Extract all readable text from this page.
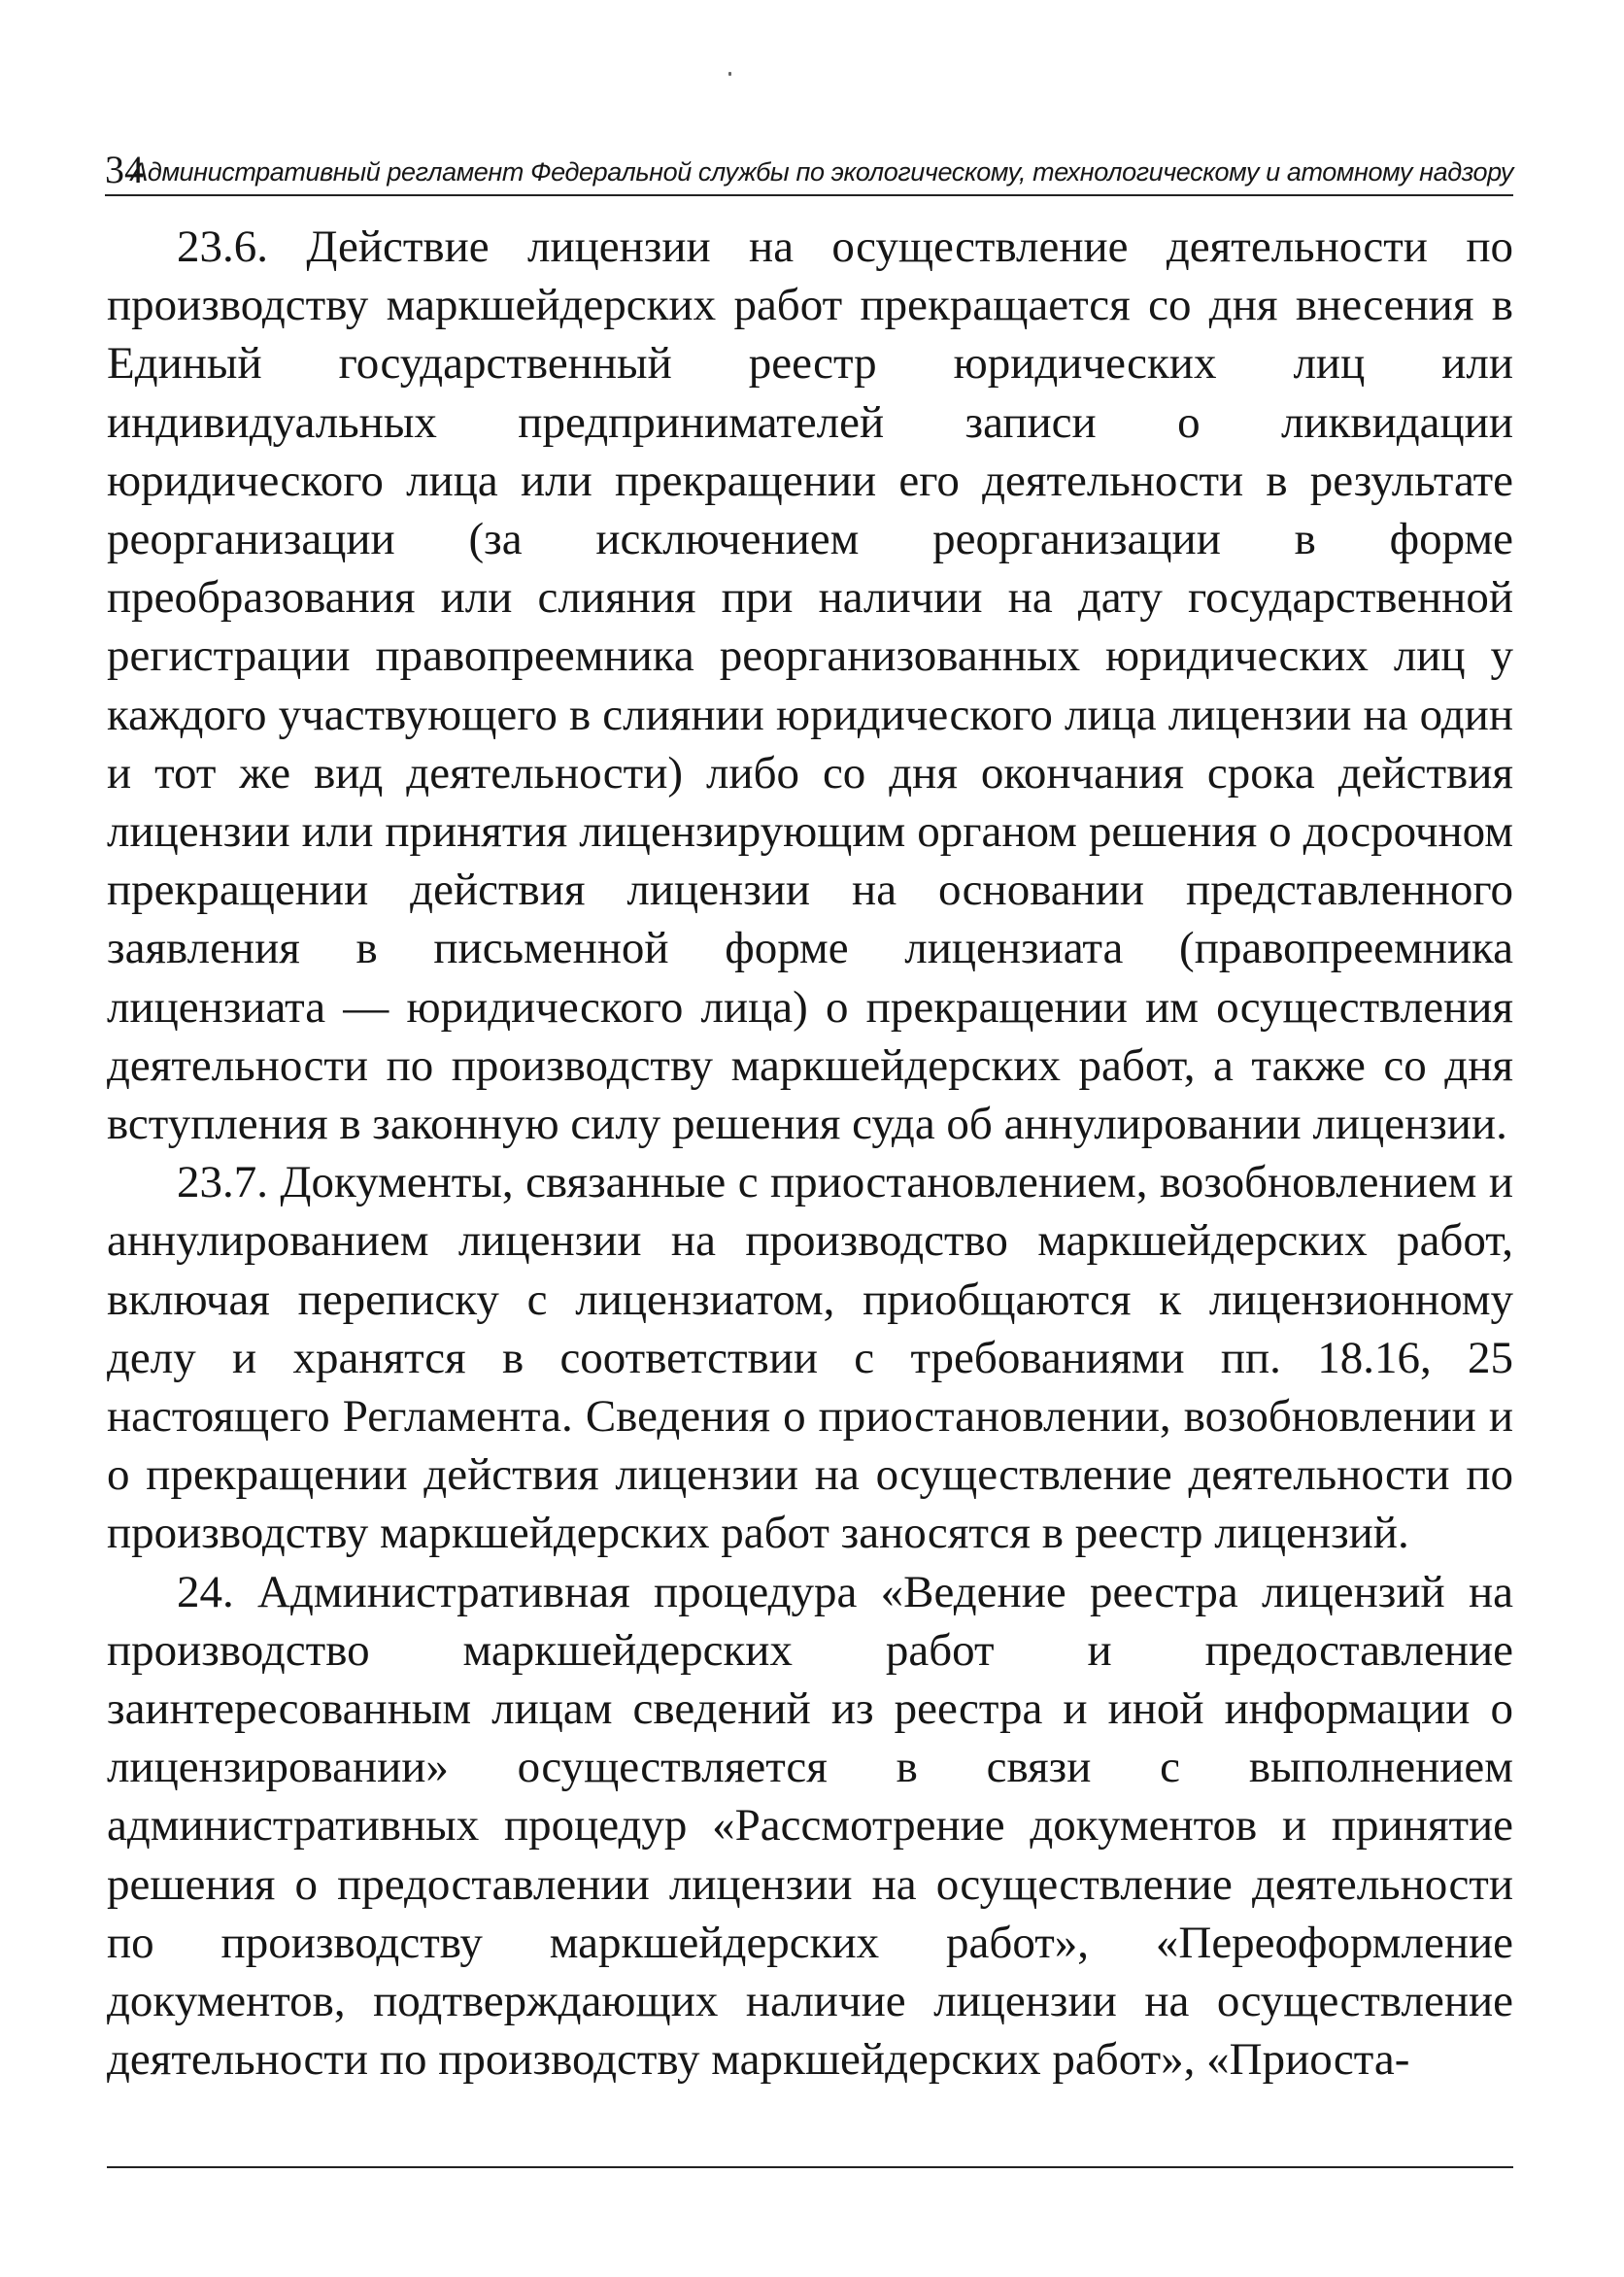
34
Административный регламент Федеральной службы по экологическому, технологическому и атомному надзору

23.6. Действие лицензии на осуществление деятельности по производству маркшейдерских работ прекращается со дня внесения в Единый государственный реестр юридических лиц или индивидуальных предпринимателей записи о ликвидации юридического лица или прекращении его деятельности в результате реорганизации (за исключением реорганизации в форме преобразования или слияния при наличии на дату государственной регистрации правопреемника реорганизованных юридических лиц у каждого участвующего в слиянии юридического лица лицензии на один и тот же вид деятельности) либо со дня окончания срока действия лицензии или принятия лицензирующим органом решения о досрочном прекращении действия лицензии на основании представленного заявления в письменной форме лицензиата (правопреемника лицензиата — юридического лица) о прекращении им осуществления деятельности по производству маркшейдерских работ, а также со дня вступления в законную силу решения суда об аннулировании лицензии.

23.7. Документы, связанные с приостановлением, возобновлением и аннулированием лицензии на производство маркшейдерских работ, включая переписку с лицензиатом, приобщаются к лицензионному делу и хранятся в соответствии с требованиями пп. 18.16, 25 настоящего Регламента. Сведения о приостановлении, возобновлении и о прекращении действия лицензии на осуществление деятельности по производству маркшейдерских работ заносятся в реестр лицензий.

24. Административная процедура «Ведение реестра лицензий на производство маркшейдерских работ и предоставление заинтересованным лицам сведений из реестра и иной информации о лицензировании» осуществляется в связи с выполнением административных процедур «Рассмотрение документов и принятие решения о предоставлении лицензии на осуществление деятельности по производству маркшейдерских работ», «Переоформление документов, подтверждающих наличие лицензии на осуществление деятельности по производству маркшейдерских работ», «Приоста-
